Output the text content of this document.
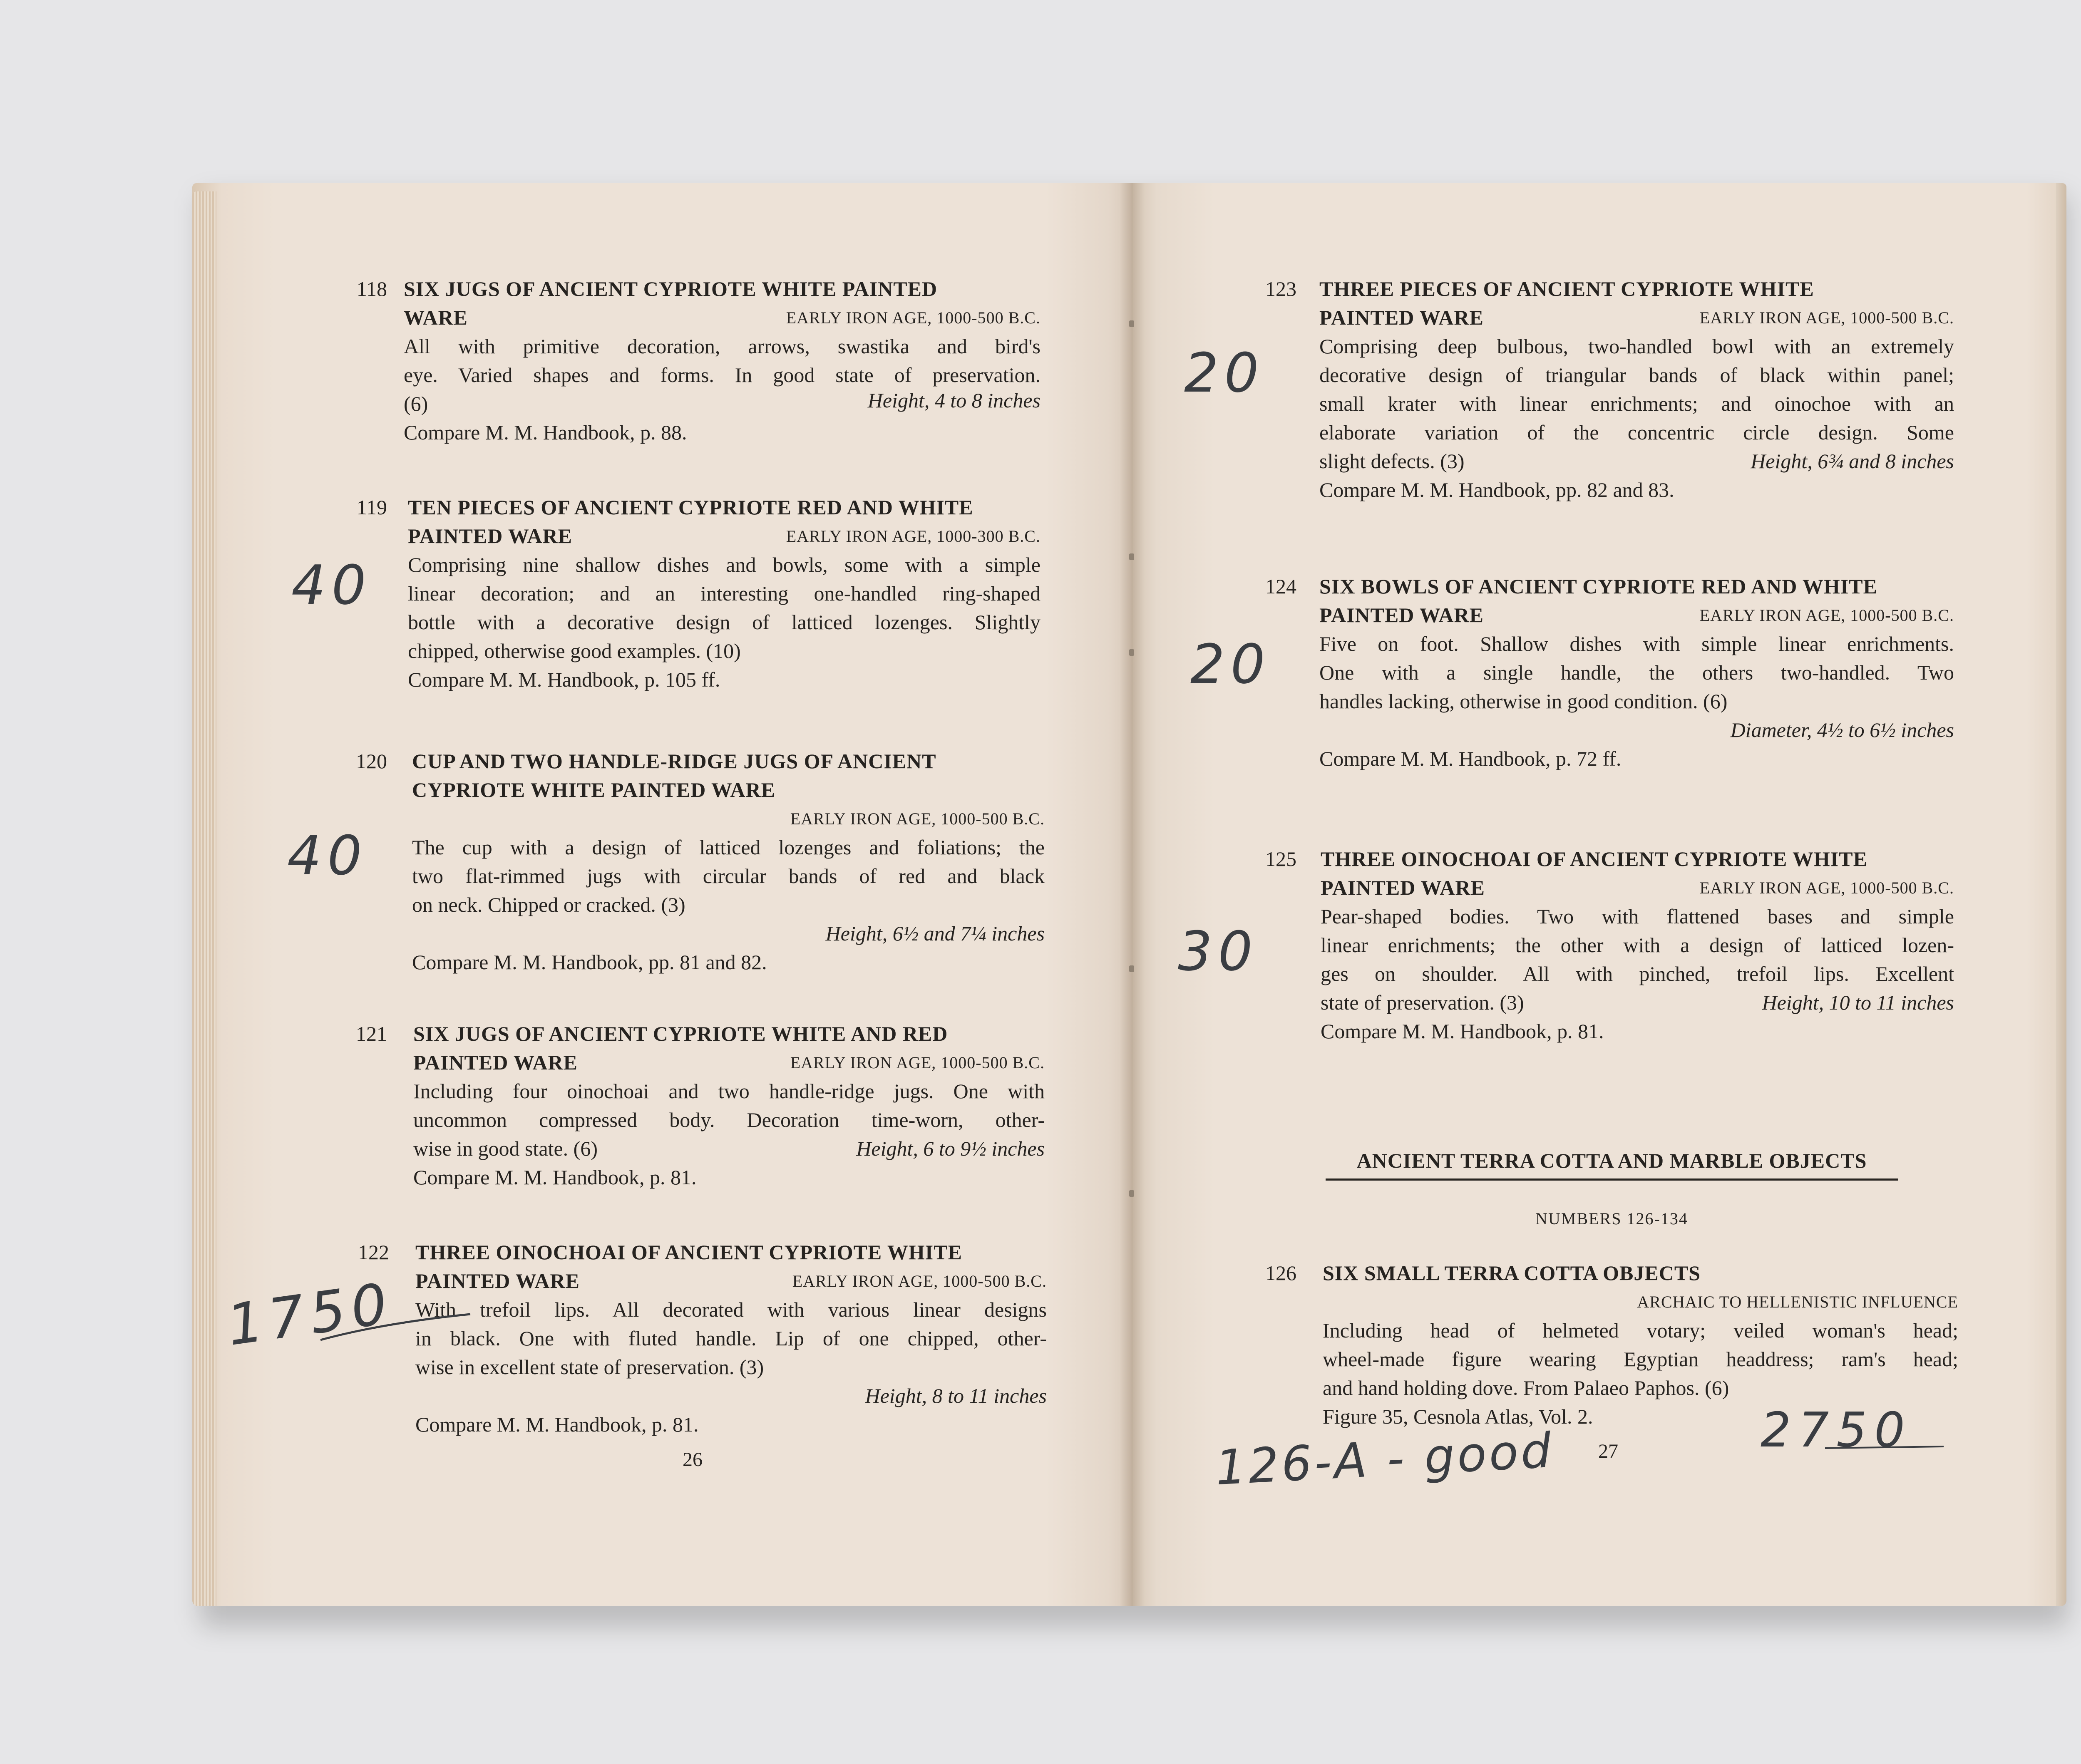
118 SIX JUGS OF ANCIENT CYPRIOTE WHITE PAINTED
WARE	EARLY IRON AGE, 1000-500 B.C.
All with primitive decoration, arrows, swastika and bird's
eye. Varied shapes and forms. In good state of preservation.
(6)	Height, 4 to 8 inches
Compare M. M. Handbook, p. 88.
119 TEN PIECES OF ANCIENT CYPRIOTE RED AND WHITE
PAINTED WARE	EARLY IRON AGE, 1000-300 B.C.
Comprising nine shallow dishes and bowls, some with a simple
linear decoration; and an interesting one-handled ring-shaped
bottle with a decorative design of latticed lozenges. Slightly
chipped, otherwise good examples. (10)
Compare M. M. Handbook, p. 105 ff.
120 CUP AND TWO HANDLE-RIDGE JUGS OF ANCIENT
CYPRIOTE WHITE PAINTED WARE
EARLY IRON AGE, 1000-500 B.C.
The cup with a design of latticed lozenges and foliations; the
two flat-rimmed jugs with circular bands of red and black
on neck. Chipped or cracked. (3)
Height, 6½ and 7¼ inches
Compare M. M. Handbook, pp. 81 and 82.
121 SIX JUGS OF ANCIENT CYPRIOTE WHITE AND RED
PAINTED WARE	EARLY IRON AGE, 1000-500 B.C.
Including four oinochoai and two handle-ridge jugs. One with
uncommon compressed body. Decoration time-worn, other-
wise in good state. (6)	Height, 6 to 9½ inches
Compare M. M. Handbook, p. 81.
122 THREE OINOCHOAI OF ANCIENT CYPRIOTE WHITE
PAINTED WARE	EARLY IRON AGE, 1000-500 B.C.
With trefoil lips. All decorated with various linear designs
in black. One with fluted handle. Lip of one chipped, other-
wise in excellent state of preservation. (3)
Height, 8 to 11 inches
Compare M. M. Handbook, p. 81.
26
123 THREE PIECES OF ANCIENT CYPRIOTE WHITE
PAINTED WARE	EARLY IRON AGE, 1000-500 B.C.
Comprising deep bulbous, two-handled bowl with an extremely
decorative design of triangular bands of black within panel;
small krater with linear enrichments; and oinochoe with an
elaborate variation of the concentric circle design. Some
slight defects. (3)	Height, 6¾ and 8 inches
Compare M. M. Handbook, pp. 82 and 83.
124 SIX BOWLS OF ANCIENT CYPRIOTE RED AND WHITE
PAINTED WARE	EARLY IRON AGE, 1000-500 B.C.
Five on foot. Shallow dishes with simple linear enrichments.
One with a single handle, the others two-handled. Two
handles lacking, otherwise in good condition. (6)
Diameter, 4½ to 6½ inches
Compare M. M. Handbook, p. 72 ff.
125 THREE OINOCHOAI OF ANCIENT CYPRIOTE WHITE
PAINTED WARE	EARLY IRON AGE, 1000-500 B.C.
Pear-shaped bodies. Two with flattened bases and simple
linear enrichments; the other with a design of latticed lozen-
ges on shoulder. All with pinched, trefoil lips. Excellent
state of preservation. (3)	Height, 10 to 11 inches
Compare M. M. Handbook, p. 81.
ANCIENT TERRA COTTA AND MARBLE OBJECTS
NUMBERS 126-134
126 SIX SMALL TERRA COTTA OBJECTS
ARCHAIC TO HELLENISTIC INFLUENCE
Including head of helmeted votary; veiled woman's head;
wheel-made figure wearing Egyptian headdress; ram's head;
and hand holding dove. From Palaeo Paphos. (6)
Figure 35, Cesnola Atlas, Vol. 2.
27
40
40
1750
20
20
30
126-A - good	2750
